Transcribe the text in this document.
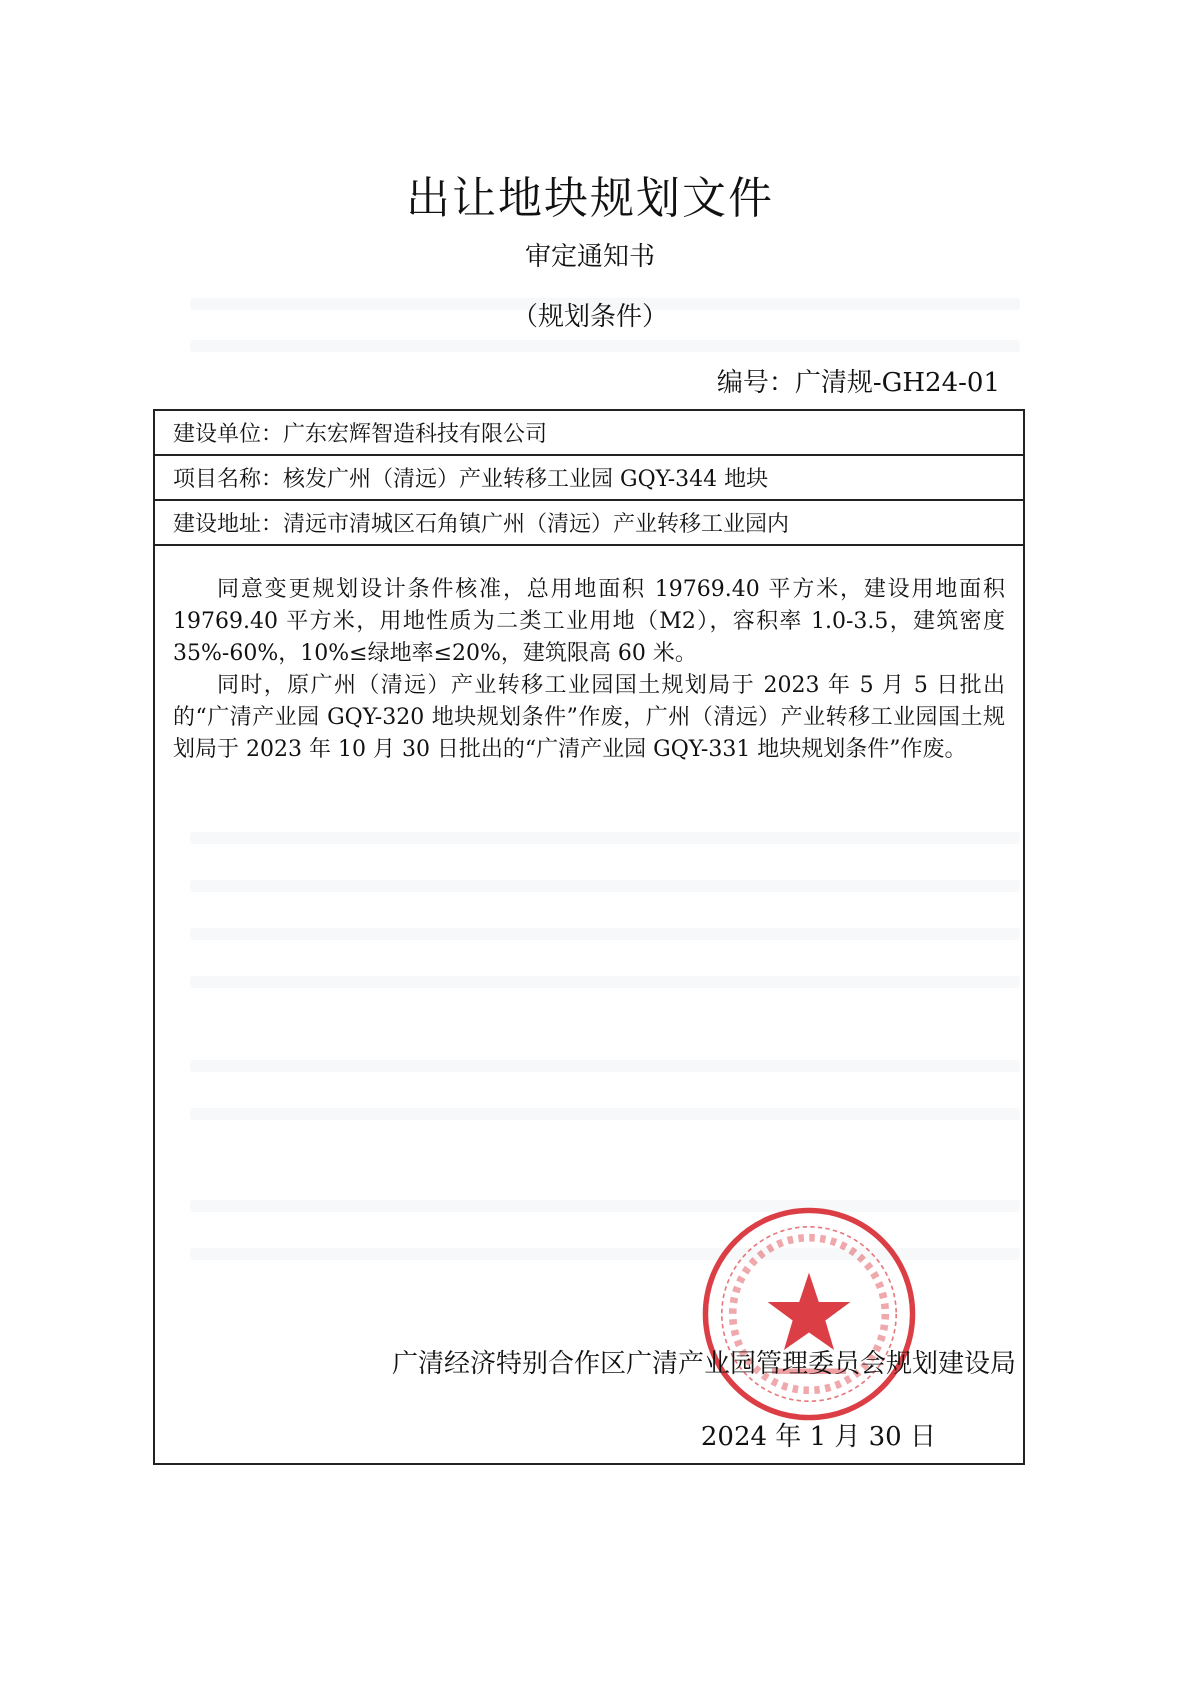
出让地块规划文件
审定通知书
（规划条件）
编号：广清规-GH24-01
建设单位： 广东宏辉智造科技有限公司
项目名称： 核发广州（清远）产业转移工业园 GQY-344 地块
建设地址： 清远市清城区石角镇广州（清远）产业转移工业园内

同意变更规划设计条件核准，总用地面积 19769.40 平方米，建设用地面积 19769.40 平方米，用地性质为二类工业用地（M2），容积率 1.0-3.5，建筑密度 35%-60%，10%≤绿地率≤20%，建筑限高 60 米。

同时，原广州（清远）产业转移工业园国土规划局于 2023 年 5 月 5 日批出的“广清产业园 GQY-320 地块规划条件”作废，广州（清远）产业转移工业园国土规划局于 2023 年 10 月 30 日批出的“广清产业园 GQY-331 地块规划条件”作废。

广清经济特别合作区广清产业园管理委员会规划建设局
2024 年 1 月 30 日
